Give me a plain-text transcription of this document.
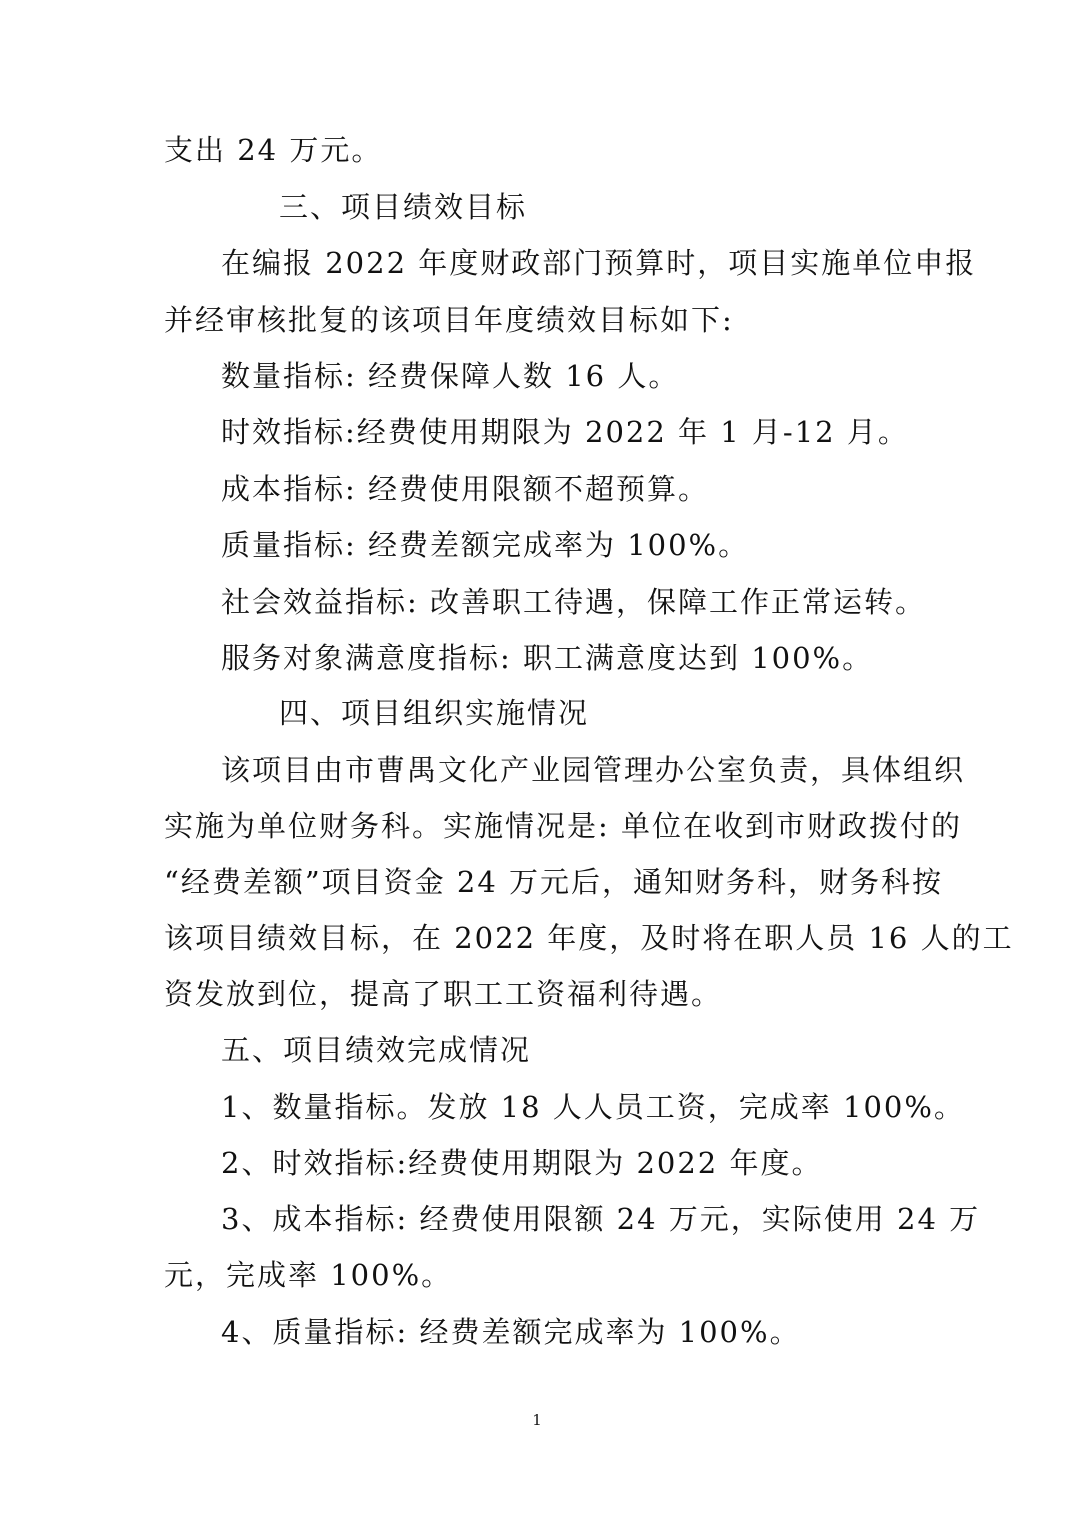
支出 24 万元。
三、项目绩效目标
在编报 2022 年度财政部门预算时，项目实施单位申报
并经审核批复的该项目年度绩效目标如下:
数量指标: 经费保障人数 16 人。
时效指标:经费使用期限为 2022 年 1 月-12 月。
成本指标: 经费使用限额不超预算。
质量指标: 经费差额完成率为 100%。
社会效益指标: 改善职工待遇，保障工作正常运转。
服务对象满意度指标: 职工满意度达到 100%。
四、项目组织实施情况
该项目由市曹禺文化产业园管理办公室负责，具体组织
实施为单位财务科。实施情况是: 单位在收到市财政拨付的
“经费差额”项目资金 24 万元后，通知财务科，财务科按
该项目绩效目标，在 2022 年度，及时将在职人员 16 人的工
资发放到位，提高了职工工资福利待遇。
五、项目绩效完成情况
1、数量指标。发放 18 人人员工资，完成率 100%。
2、时效指标:经费使用期限为 2022 年度。
3、成本指标: 经费使用限额 24 万元，实际使用 24 万
元，完成率 100%。
4、质量指标: 经费差额完成率为 100%。
1
